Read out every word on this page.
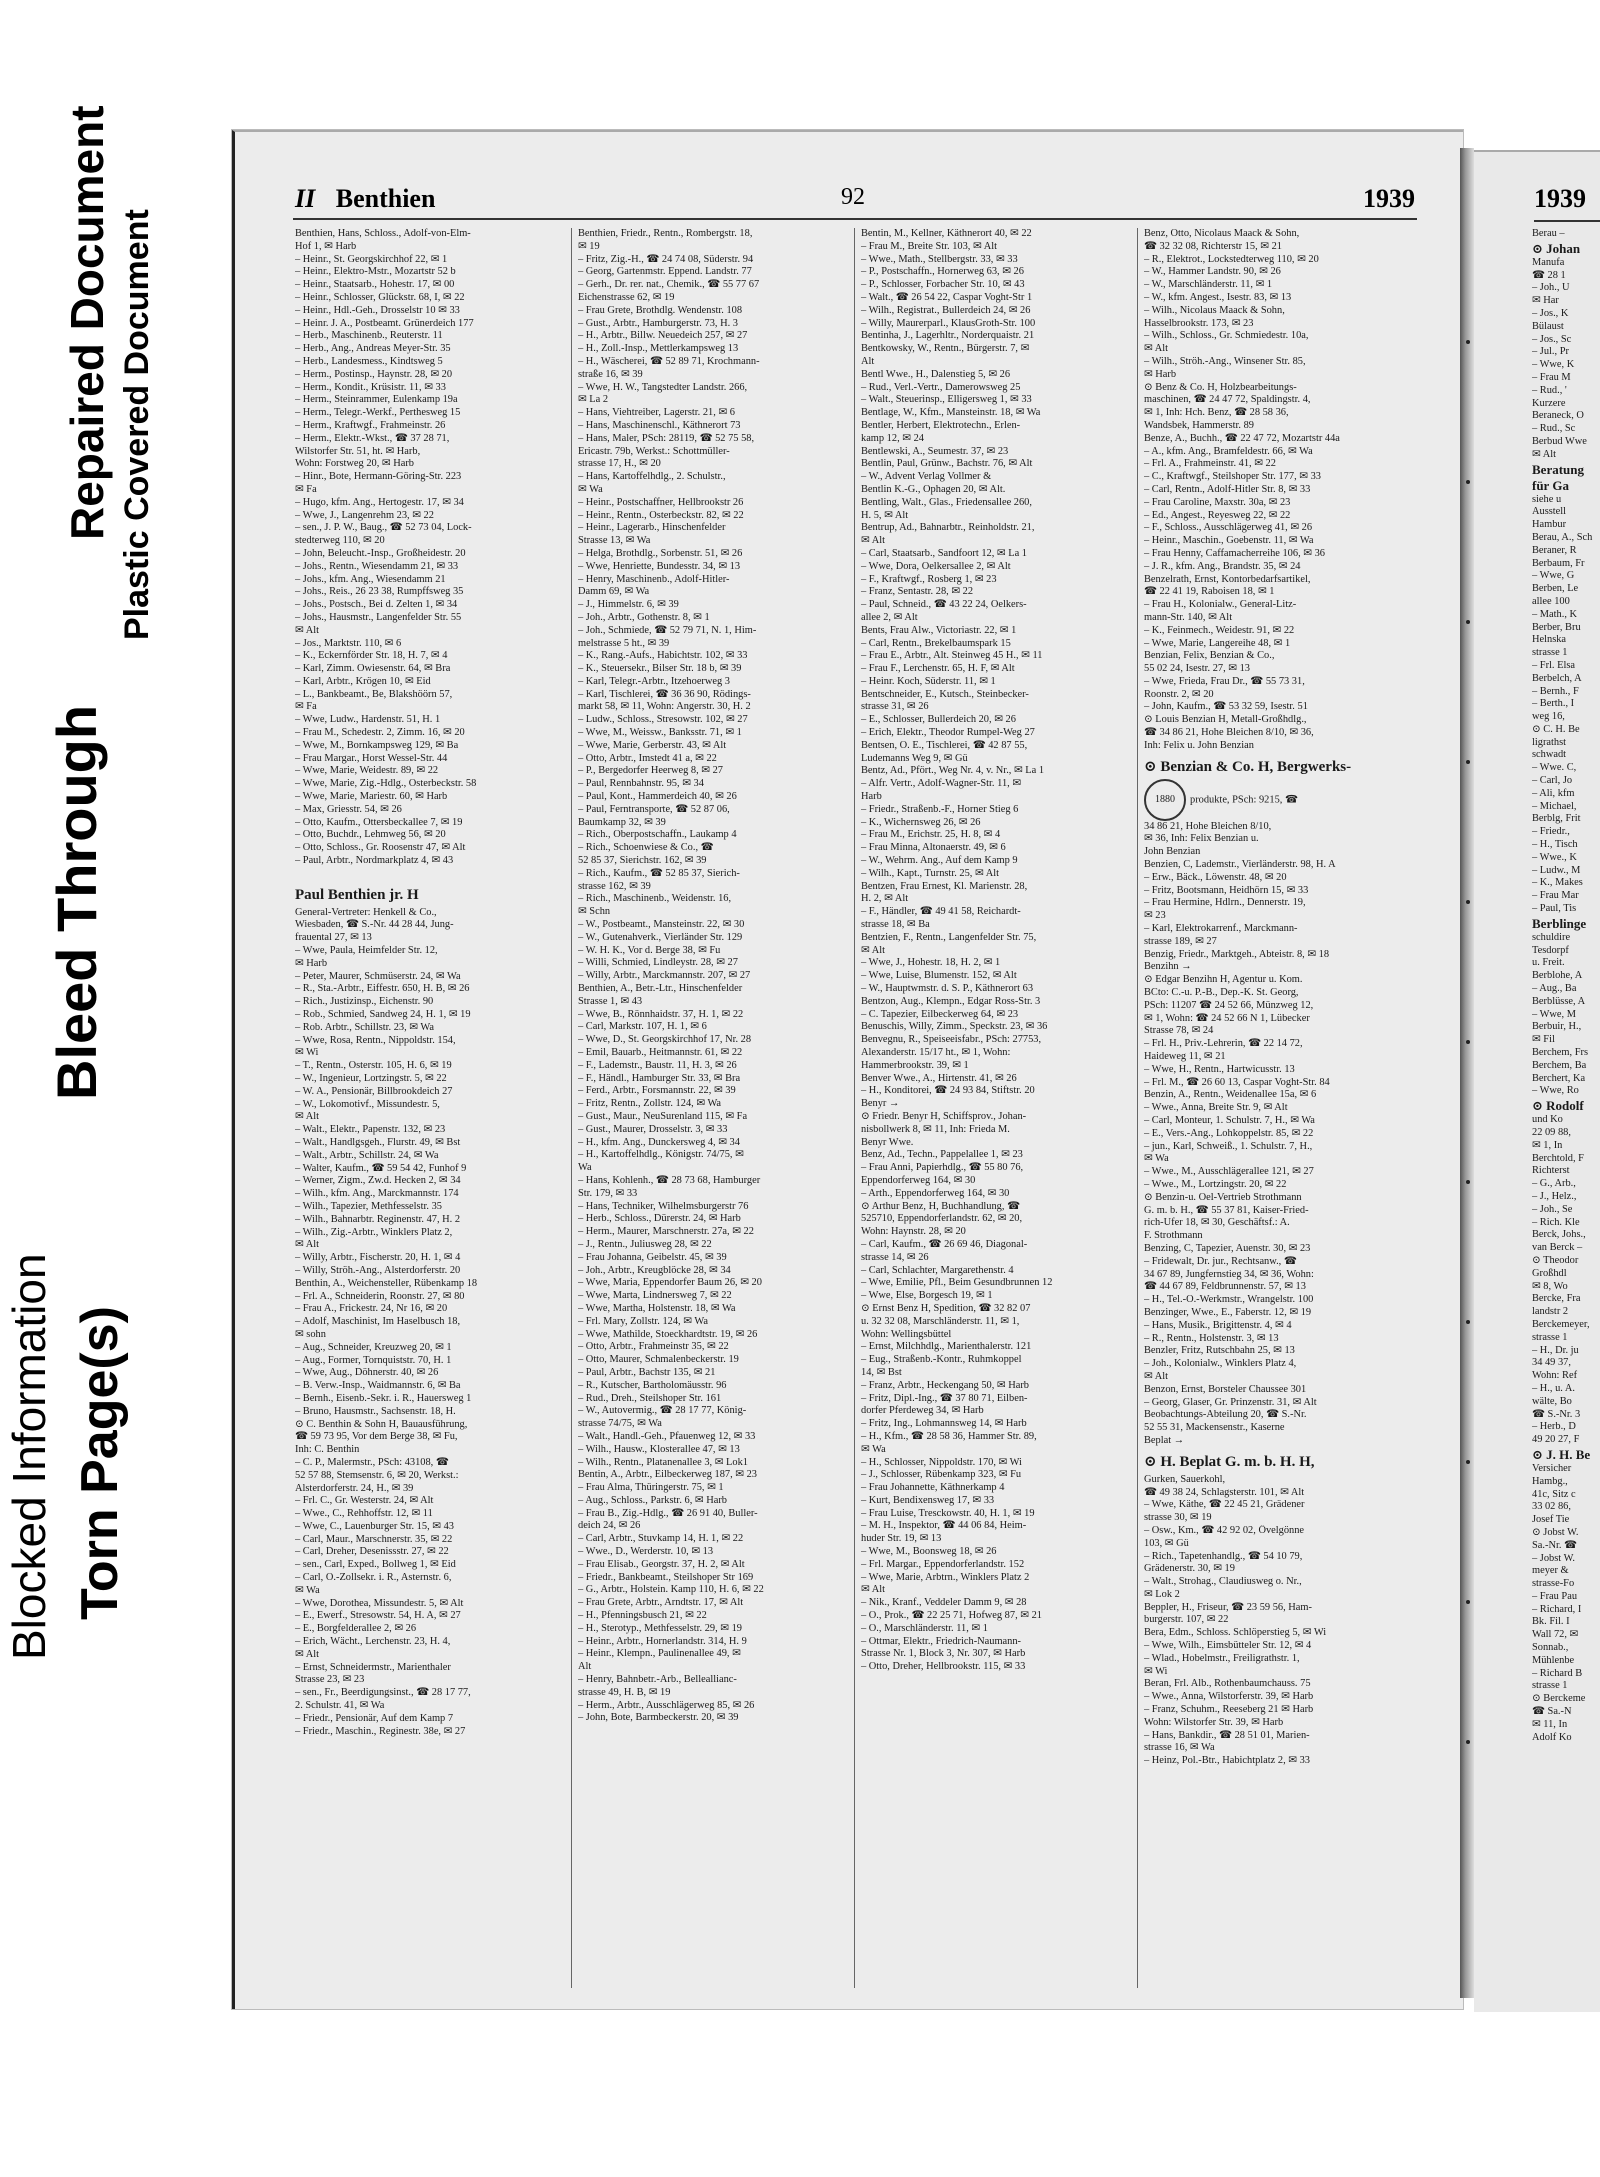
Blocked Information Torn Page(s)
Bleed Through
Repaired Document Plastic Covered Document
II Benthien	92	1939
Benthien, Hans, Schloss., Adolf-von-Elm-
Hof 1, ✉ Harb
– Heinr., St. Georgskirchhof 22, ✉ 1
– Heinr., Elektro-Mstr., Mozartstr 52 b
– Heinr., Staatsarb., Hohestr. 17, ✉ 00
– Heinr., Schlosser, Glückstr. 68, I, ✉ 22
– Heinr., Hdl.-Geh., Drosselstr 10 ✉ 33
– Heinr. J. A., Postbeamt. Grünerdeich 177
– Herb., Maschinenb., Reuterstr. 11
– Herb., Ang., Andreas Meyer-Str. 35
– Herb., Landesmess., Kindtsweg 5
– Herm., Postinsp., Haynstr. 28, ✉ 20
– Herm., Kondit., Krüsistr. 11, ✉ 33
– Herm., Steinrammer, Eulenkamp 19a
– Herm., Telegr.-Werkf., Perthesweg 15
– Herm., Kraftwgf., Frahmeinstr. 26
– Herm., Elektr.-Wkst., ☎ 37 28 71,
Wilstorfer Str. 51, ht. ✉ Harb,
Wohn: Forstweg 20, ✉ Harb
– Hinr., Bote, Hermann-Göring-Str. 223
✉ Fa
– Hugo, kfm. Ang., Hertogestr. 17, ✉ 34
– Wwe, J., Langenrehm 23, ✉ 22
– sen., J. P. W., Baug., ☎ 52 73 04, Lock-
stedterweg 110, ✉ 20
– John, Beleucht.-Insp., Großheidestr. 20
– Johs., Rentn., Wiesendamm 21, ✉ 33
– Johs., kfm. Ang., Wiesendamm 21
– Johs., Reis., 26 23 38, Rumpffsweg 35
– Johs., Postsch., Bei d. Zelten 1, ✉ 34
– Johs., Hausmstr., Langenfelder Str. 55
✉ Alt
– Jos., Marktstr. 110, ✉ 6
– K., Eckernförder Str. 18, H. 7, ✉ 4
– Karl, Zimm. Owiesenstr. 64, ✉ Bra
– Karl, Arbtr., Krögen 10, ✉ Eid
– L., Bankbeamt., Be, Blakshöörn 57,
✉ Fa
– Wwe, Ludw., Hardenstr. 51, H. 1
– Frau M., Schedestr. 2, Zimm. 16, ✉ 20
– Wwe, M., Bornkampsweg 129, ✉ Ba
– Frau Margar., Horst Wessel-Str. 44
– Wwe, Marie, Weidestr. 89, ✉ 22
– Wwe, Marie, Zig.-Hdlg., Osterbeckstr. 58
– Wwe, Marie, Mariestr. 60, ✉ Harb
– Max, Griesstr. 54, ✉ 26
– Otto, Kaufm., Ottersbeckallee 7, ✉ 19
– Otto, Buchdr., Lehmweg 56, ✉ 20
– Otto, Schloss., Gr. Roosenstr 47, ✉ Alt
– Paul, Arbtr., Nordmarkplatz 4, ✉ 43

Paul Benthien jr. H
General-Vertreter: Henkell & Co.,
Wiesbaden, ☎ S.-Nr. 44 28 44, Jung-
frauental 27, ✉ 13
– Wwe, Paula, Heimfelder Str. 12,
✉ Harb
– Peter, Maurer, Schmüserstr. 24, ✉ Wa
– R., Sta.-Arbtr., Eiffestr. 650, H. B, ✉ 26
– Rich., Justizinsp., Eichenstr. 90
– Rob., Schmied, Sandweg 24, H. 1, ✉ 19
– Rob. Arbtr., Schillstr. 23, ✉ Wa
– Wwe, Rosa, Rentn., Nippoldstr. 154,
✉ Wi
– T., Rentn., Osterstr. 105, H. 6, ✉ 19
– W., Ingenieur, Lortzingstr. 5, ✉ 22
– W. A., Pensionär, Billbrookdeich 27
– W., Lokomotivf., Missundestr. 5,
✉ Alt
– Walt., Elektr., Papenstr. 132, ✉ 23
– Walt., Handlgsgeh., Flurstr. 49, ✉ Bst
– Walt., Arbtr., Schillstr. 24, ✉ Wa
– Walter, Kaufm., ☎ 59 54 42, Funhof 9
– Werner, Zigm., Zw.d. Hecken 2, ✉ 34
– Wilh., kfm. Ang., Marckmannstr. 174
– Wilh., Tapezier, Methfesselstr. 35
– Wilh., Bahnarbtr. Reginenstr. 47, H. 2
– Wilh., Zig.-Arbtr., Winklers Platz 2,
✉ Alt
– Willy, Arbtr., Fischerstr. 20, H. 1, ✉ 4
– Willy, Ströh.-Ang., Alsterdorferstr. 20
Benthin, A., Weichensteller, Rübenkamp 18
– Frl. A., Schneiderin, Roonstr. 27, ✉ 80
– Frau A., Frickestr. 24, Nr 16, ✉ 20
– Adolf, Maschinist, Im Haselbusch 18,
✉ sohn
– Aug., Schneider, Kreuzweg 20, ✉ 1
– Aug., Former, Tornquiststr. 70, H. 1
– Wwe, Aug., Döhnerstr. 40, ✉ 26
– B. Verw.-Insp., Waidmannstr. 6, ✉ Ba
– Bernh., Eisenb.-Sekr. i. R., Hauersweg 1
– Bruno, Hausmstr., Sachsenstr. 18, H.
⊙ C. Benthin & Sohn H, Bauausführung,
☎ 59 73 95, Vor dem Berge 38, ✉ Fu,
Inh: C. Benthin
– C. P., Malermstr., PSch: 43108, ☎
52 57 88, Stemsenstr. 6, ✉ 20, Werkst.:
Alsterdorferstr. 24, H., ✉ 39
– Frl. C., Gr. Westerstr. 24, ✉ Alt
– Wwe., C., Rehhoffstr. 12, ✉ 11
– Wwe, C., Lauenburger Str. 15, ✉ 43
– Carl, Maur., Marschnerstr. 35, ✉ 22
– Carl, Dreher, Desenissstr. 27, ✉ 22
– sen., Carl, Exped., Bollweg 1, ✉ Eid
– Carl, O.-Zollsekr. i. R., Asternstr. 6,
✉ Wa
– Wwe, Dorothea, Missundestr. 5, ✉ Alt
– E., Ewerf., Stresowstr. 54, H. A, ✉ 27
– E., Borgfelderallee 2, ✉ 26
– Erich, Wächt., Lerchenstr. 23, H. 4,
✉ Alt
– Ernst, Schneidermstr., Marienthaler
Strasse 23, ✉ 23
– sen., Fr., Beerdigungsinst., ☎ 28 17 77,
2. Schulstr. 41, ✉ Wa
– Friedr., Pensionär, Auf dem Kamp 7
– Friedr., Maschin., Reginestr. 38e, ✉ 27
Benthien, Friedr., Rentn., Rombergstr. 18,
✉ 19
– Fritz, Zig.-H., ☎ 24 74 08, Süderstr. 94
– Georg, Gartenmstr. Eppend. Landstr. 77
– Gerh., Dr. rer. nat., Chemik., ☎ 55 77 67
Eichenstrasse 62, ✉ 19
– Frau Grete, Brothdlg. Wendenstr. 108
– Gust., Arbtr., Hamburgerstr. 73, H. 3
– H., Arbtr., Billw. Neuedeich 257, ✉ 27
– H., Zoll.-Insp., Mettlerkampsweg 13
– H., Wäscherei, ☎ 52 89 71, Krochmann-
straße 16, ✉ 39
– Wwe, H. W., Tangstedter Landstr. 266,
✉ La 2
– Hans, Viehtreiber, Lagerstr. 21, ✉ 6
– Hans, Maschinenschl., Käthnerort 73
– Hans, Maler, PSch: 28119, ☎ 52 75 58,
Ericastr. 79b, Werkst.: Schottmüller-
strasse 17, H., ✉ 20
– Hans, Kartoffelhdlg., 2. Schulstr.,
✉ Wa
– Heinr., Postschaffner, Hellbrookstr 26
– Heinr., Rentn., Osterbeckstr. 82, ✉ 22
– Heinr., Lagerarb., Hinschenfelder
Strasse 13, ✉ Wa
– Helga, Brothdlg., Sorbenstr. 51, ✉ 26
– Wwe, Henriette, Bundesstr. 34, ✉ 13
– Henry, Maschinenb., Adolf-Hitler-
Damm 69, ✉ Wa
– J., Himmelstr. 6, ✉ 39
– Joh., Arbtr., Gothenstr. 8, ✉ 1
– Joh., Schmiede, ☎ 52 79 71, N. 1, Him-
melstrasse 5 ht., ✉ 39
– K., Rang.-Aufs., Habichtstr. 102, ✉ 33
– K., Steuersekr., Bilser Str. 18 b, ✉ 39
– Karl, Telegr.-Arbtr., Itzehoerweg 3
– Karl, Tischlerei, ☎ 36 36 90, Rödings-
markt 58, ✉ 11, Wohn: Angerstr. 30, H. 2
– Ludw., Schloss., Stresowstr. 102, ✉ 27
– Wwe, M., Weissw., Banksstr. 71, ✉ 1
– Wwe, Marie, Gerberstr. 43, ✉ Alt
– Otto, Arbtr., Imstedt 41 a, ✉ 22
– P., Bergedorfer Heerweg 8, ✉ 27
– Paul, Rennbahnstr. 95, ✉ 34
– Paul, Kont., Hammerdeich 40, ✉ 26
– Paul, Ferntransporte, ☎ 52 87 06,
Baumkamp 32, ✉ 39
– Rich., Oberpostschaffn., Laukamp 4
– Rich., Schoenwiese & Co., ☎
52 85 37, Sierichstr. 162, ✉ 39
– Rich., Kaufm., ☎ 52 85 37, Sierich-
strasse 162, ✉ 39
– Rich., Maschinenb., Weidenstr. 16,
✉ Schn
– W., Postbeamt., Mansteinstr. 22, ✉ 30
– W., Gutenahverk., Vierländer Str. 129
– W. H. K., Vor d. Berge 38, ✉ Fu
– Willi, Schmied, Lindleystr. 28, ✉ 27
– Willy, Arbtr., Marckmannstr. 207, ✉ 27
Benthien, A., Betr.-Ltr., Hinschenfelder
Strasse 1, ✉ 43
– Wwe, B., Rönnhaidstr. 37, H. 1, ✉ 22
– Carl, Markstr. 107, H. 1, ✉ 6
– Wwe, D., St. Georgskirchhof 17, Nr. 28
– Emil, Bauarb., Heitmannstr. 61, ✉ 22
– F., Lademstr., Baustr. 11, H. 3, ✉ 26
– F., Händl., Hamburger Str. 33, ✉ Bra
– Ferd., Arbtr., Forsmannstr. 22, ✉ 39
– Fritz, Rentn., Zollstr. 124, ✉ Wa
– Gust., Maur., NeuSurenland 115, ✉ Fa
– Gust., Maurer, Drosselstr. 3, ✉ 33
– H., kfm. Ang., Dunckersweg 4, ✉ 34
– H., Kartoffelhdlg., Königstr. 74/75, ✉
Wa
– Hans, Kohlenh., ☎ 28 73 68, Hamburger
Str. 179, ✉ 33
– Hans, Techniker, Wilhelmsburgerstr 76
– Herb., Schloss., Dürerstr. 24, ✉ Harb
– Herm., Maurer, Marschnerstr. 27a, ✉ 22
– J., Rentn., Juliusweg 28, ✉ 22
– Frau Johanna, Geibelstr. 45, ✉ 39
– Joh., Arbtr., Kreugblöcke 28, ✉ 34
– Wwe, Maria, Eppendorfer Baum 26, ✉ 20
– Wwe, Marta, Lindnersweg 7, ✉ 22
– Wwe, Martha, Holstenstr. 18, ✉ Wa
– Frl. Mary, Zollstr. 124, ✉ Wa
– Wwe, Mathilde, Stoeckhardtstr. 19, ✉ 26
– Otto, Arbtr., Frahmeinstr 35, ✉ 22
– Otto, Maurer, Schmalenbeckerstr. 19
– Paul, Arbtr., Bachstr 135, ✉ 21
– R., Kutscher, Bartholomäusstr. 96
– Rud., Dreh., Steilshoper Str. 161
– W., Autovermig., ☎ 28 17 77, König-
strasse 74/75, ✉ Wa
– Walt., Handl.-Geh., Pfauenweg 12, ✉ 33
– Wilh., Hausw., Klosterallee 47, ✉ 13
– Wilh., Rentn., Platanenallee 3, ✉ Lok1
Bentin, A., Arbtr., Eilbeckerweg 187, ✉ 23
– Frau Alma, Thüringerstr. 75, ✉ 1
– Aug., Schloss., Parkstr. 6, ✉ Harb
– Frau B., Zig.-Hdlg., ☎ 26 91 40, Buller-
deich 24, ✉ 26
– Carl, Arbtr., Stuvkamp 14, H. 1, ✉ 22
– Wwe., D., Werderstr. 10, ✉ 13
– Frau Elisab., Georgstr. 37, H. 2, ✉ Alt
– Friedr., Bankbeamt., Steilshoper Str 169
– G., Arbtr., Holstein. Kamp 110, H. 6, ✉ 22
– Frau Grete, Arbtr., Arndtstr. 17, ✉ Alt
– H., Pfenningsbusch 21, ✉ 22
– H., Sterotyp., Methfesselstr. 29, ✉ 19
– Heinr., Arbtr., Hornerlandstr. 314, H. 9
– Heinr., Klempn., Paulinenallee 49, ✉
Alt
– Henry, Bahnbetr.-Arb., Belleallianc-
strasse 49, H. B, ✉ 19
– Herm., Arbtr., Ausschlägerweg 85, ✉ 26
– John, Bote, Barmbeckerstr. 20, ✉ 39
Bentin, M., Kellner, Käthnerort 40, ✉ 22
– Frau M., Breite Str. 103, ✉ Alt
– Wwe., Math., Stellbergstr. 33, ✉ 33
– P., Postschaffn., Hornerweg 63, ✉ 26
– P., Schlosser, Forbacher Str. 10, ✉ 43
– Walt., ☎ 26 54 22, Caspar Voght-Str 1
– Wilh., Registrat., Bullerdeich 24, ✉ 26
– Willy, Maurerparl., KlausGroth-Str. 100
Bentinha, J., Lagerhltr., Norderquaistr. 21
Bentkowsky, W., Rentn., Bürgerstr. 7, ✉
Alt
Bentl Wwe., H., Dalenstieg 5, ✉ 26
– Rud., Verl.-Vertr., Damerowsweg 25
– Walt., Steuerinsp., Elligersweg 1, ✉ 33
Bentlage, W., Kfm., Mansteinstr. 18, ✉ Wa
Bentler, Herbert, Elektrotechn., Erlen-
kamp 12, ✉ 24
Bentlewski, A., Seumestr. 37, ✉ 23
Bentlin, Paul, Grünw., Bachstr. 76, ✉ Alt
– W., Advent Verlag Vollmer &
Bentlin K.-G., Ophagen 20, ✉ Alt.
Bentling, Walt., Glas., Friedensallee 260,
H. 5, ✉ Alt
Bentrup, Ad., Bahnarbtr., Reinholdstr. 21,
✉ Alt
– Carl, Staatsarb., Sandfoort 12, ✉ La 1
– Wwe, Dora, Oelkersallee 2, ✉ Alt
– F., Kraftwgf., Rosberg 1, ✉ 23
– Franz, Sentastr. 28, ✉ 22
– Paul, Schneid., ☎ 43 22 24, Oelkers-
allee 2, ✉ Alt
Bents, Frau Alw., Victoriastr. 22, ✉ 1
– Carl, Rentn., Brekelbaumspark 15
– Frau E., Arbtr., Alt. Steinweg 45 H., ✉ 11
– Frau F., Lerchenstr. 65, H. F, ✉ Alt
– Heinr. Koch, Süderstr. 11, ✉ 1
Bentschneider, E., Kutsch., Steinbecker-
strasse 31, ✉ 26
– E., Schlosser, Bullerdeich 20, ✉ 26
– Erich, Elektr., Theodor Rumpel-Weg 27
Bentsen, O. E., Tischlerei, ☎ 42 87 55,
Ludemanns Weg 9, ✉ Gü
Bentz, Ad., Pfört., Weg Nr. 4, v. Nr., ✉ La 1
– Alfr. Vertr., Adolf-Wagner-Str. 11, ✉
Harb
– Friedr., Straßenb.-F., Horner Stieg 6
– K., Wichernsweg 26, ✉ 26
– Frau M., Erichstr. 25, H. 8, ✉ 4
– Frau Minna, Altonaerstr. 49, ✉ 6
– W., Wehrm. Ang., Auf dem Kamp 9
– Wilh., Kapt., Turnstr. 25, ✉ Alt
Bentzen, Frau Ernest, Kl. Marienstr. 28,
H. 2, ✉ Alt
– F., Händler, ☎ 49 41 58, Reichardt-
strasse 18, ✉ Ba
Bentzien, F., Rentn., Langenfelder Str. 75,
✉ Alt
– Wwe, J., Hohestr. 18, H. 2, ✉ 1
– Wwe, Luise, Blumenstr. 152, ✉ Alt
– W., Hauptwmstr. d. S. P., Käthnerort 63
Bentzon, Aug., Klempn., Edgar Ross-Str. 3
– C. Tapezier, Eilbeckerweg 64, ✉ 23
Benuschis, Willy, Zimm., Speckstr. 23, ✉ 36
Benvegnu, R., Speiseeisfabr., PSch: 27753,
Alexanderstr. 15/17 ht., ✉ 1, Wohn:
Hammerbrookstr. 39, ✉ 1
Benver Wwe., A., Hirtenstr. 41, ✉ 26
– H., Konditorei, ☎ 24 93 84, Stiftstr. 20
Benyr →
⊙ Friedr. Benyr H, Schiffsprov., Johan-
nisbollwerk 8, ✉ 11, Inh: Frieda M.
Benyr Wwe.
Benz, Ad., Techn., Pappelallee 1, ✉ 23
– Frau Anni, Papierhdlg., ☎ 55 80 76,
Eppendorferweg 164, ✉ 30
– Arth., Eppendorferweg 164, ✉ 30
⊙ Arthur Benz, H, Buchhandlung, ☎
525710, Eppendorferlandstr. 62, ✉ 20,
Wohn: Haynstr. 28, ✉ 20
– Carl, Kaufm., ☎ 26 69 46, Diagonal-
strasse 14, ✉ 26
– Carl, Schlachter, Margarethenstr. 4
– Wwe, Emilie, Pfl., Beim Gesundbrunnen 12
– Wwe, Else, Borgesch 19, ✉ 1
⊙ Ernst Benz H, Spedition, ☎ 32 82 07
u. 32 32 08, Marschländerstr. 11, ✉ 1,
Wohn: Wellingsbüttel
– Ernst, Milchhdlg., Marienthalerstr. 121
– Eug., Straßenb.-Kontr., Ruhmkoppel
14, ✉ Bst
– Franz, Arbtr., Heckengang 50, ✉ Harb
– Fritz, Dipl.-Ing., ☎ 37 80 71, Eilben-
dorfer Pferdeweg 34, ✉ Harb
– Fritz, Ing., Lohmannsweg 14, ✉ Harb
– H., Kfm., ☎ 28 58 36, Hammer Str. 89,
✉ Wa
– H., Schlosser, Nippoldstr. 170, ✉ Wi
– J., Schlosser, Rübenkamp 323, ✉ Fu
– Frau Johannette, Käthnerkamp 4
– Kurt, Bendixensweg 17, ✉ 33
– Frau Luise, Tresckowstr. 40, H. 1, ✉ 19
– M. H., Inspektor, ☎ 44 06 84, Heim-
huder Str. 19, ✉ 13
– Wwe, M., Boonsweg 18, ✉ 26
– Frl. Margar., Eppendorferlandstr. 152
– Wwe, Marie, Arbtrn., Winklers Platz 2
✉ Alt
– Nik., Kranf., Veddeler Damm 9, ✉ 28
– O., Prok., ☎ 22 25 71, Hofweg 87, ✉ 21
– O., Marschländerstr. 11, ✉ 1
– Ottmar, Elektr., Friedrich-Naumann-
Strasse Nr. 1, Block 3, Nr. 307, ✉ Harb
– Otto, Dreher, Hellbrookstr. 115, ✉ 33
Benz, Otto, Nicolaus Maack & Sohn,
☎ 32 32 08, Richterstr 15, ✉ 21
– R., Elektrot., Lockstedterweg 110, ✉ 20
– W., Hammer Landstr. 90, ✉ 26
– W., Marschländerstr. 11, ✉ 1
– W., kfm. Angest., Isestr. 83, ✉ 13
– Wilh., Nicolaus Maack & Sohn,
Hasselbrookstr. 173, ✉ 23
– Wilh., Schloss., Gr. Schmiedestr. 10a,
✉ Alt
– Wilh., Ströh.-Ang., Winsener Str. 85,
✉ Harb
⊙ Benz & Co. H, Holzbearbeitungs-
maschinen, ☎ 24 47 72, Spaldingstr. 4,
✉ 1, Inh: Hch. Benz, ☎ 28 58 36,
Wandsbek, Hammerstr. 89
Benze, A., Buchh., ☎ 22 47 72, Mozartstr 44a
– A., kfm. Ang., Bramfeldestr. 66, ✉ Wa
– Frl. A., Frahmeinstr. 41, ✉ 22
– C., Kraftwgf., Steilshoper Str. 177, ✉ 33
– Carl, Rentn., Adolf-Hitler Str. 8, ✉ 33
– Frau Caroline, Maxstr. 30a, ✉ 23
– Ed., Angest., Reyesweg 22, ✉ 22
– F., Schloss., Ausschlägerweg 41, ✉ 26
– Heinr., Maschin., Goebenstr. 11, ✉ Wa
– Frau Henny, Caffamacherreihe 106, ✉ 36
– J. R., kfm. Ang., Brandstr. 35, ✉ 24
Benzelrath, Ernst, Kontorbedarfsartikel,
☎ 22 41 19, Raboisen 18, ✉ 1
– Frau H., Kolonialw., General-Litz-
mann-Str. 140, ✉ Alt
– K., Feinmech., Weidestr. 91, ✉ 22
– Wwe, Marie, Langereihe 48, ✉ 1
Benzian, Felix, Benzian & Co.,
55 02 24, Isestr. 27, ✉ 13
– Wwe, Frieda, Frau Dr., ☎ 55 73 31,
Roonstr. 2, ✉ 20
– John, Kaufm., ☎ 53 32 59, Isestr. 51
⊙ Louis Benzian H, Metall-Großhdlg.,
☎ 34 86 21, Hohe Bleichen 8/10, ✉ 36,
Inh: Felix u. John Benzian
⊙ Benzian & Co. H, Bergwerks-
1880 produkte, PSch: 9215, ☎
34 86 21, Hohe Bleichen 8/10,
✉ 36, Inh: Felix Benzian u.
John Benzian
Benzien, C, Lademstr., Vierländerstr. 98, H. A
– Erw., Bäck., Löwenstr. 48, ✉ 20
– Fritz, Bootsmann, Heidhörn 15, ✉ 33
– Frau Hermine, Hdlrn., Dennerstr. 19,
✉ 23
– Karl, Elektrokarrenf., Marckmann-
strasse 189, ✉ 27
Benzig, Friedr., Marktgeh., Abteistr. 8, ✉ 18
Benzihn →
⊙ Edgar Benzihn H, Agentur u. Kom.
BCto: C.-u. P.-B., Dep.-K. St. Georg,
PSch: 11207 ☎ 24 52 66, Münzweg 12,
✉ 1, Wohn: ☎ 24 52 66 N 1, Lübecker
Strasse 78, ✉ 24
– Frl. H., Priv.-Lehrerin, ☎ 22 14 72,
Haideweg 11, ✉ 21
– Wwe, H., Rentn., Hartwicusstr. 13
– Frl. M., ☎ 26 60 13, Caspar Voght-Str. 84
Benzin, A., Rentn., Weidenallee 15a, ✉ 6
– Wwe., Anna, Breite Str. 9, ✉ Alt
– Carl, Monteur, 1. Schulstr. 7, H., ✉ Wa
– E., Vers.-Ang., Lohkoppelstr. 85, ✉ 22
– jun., Karl, Schweiß., 1. Schulstr. 7, H.,
✉ Wa
– Wwe., M., Ausschlägerallee 121, ✉ 27
– Wwe., M., Lortzingstr. 20, ✉ 22
⊙ Benzin-u. Oel-Vertrieb Strothmann
G. m. b. H., ☎ 55 37 81, Kaiser-Fried-
rich-Ufer 18, ✉ 30, Geschäftsf.: A.
F. Strothmann
Benzing, C, Tapezier, Auenstr. 30, ✉ 23
– Fridewalt, Dr. jur., Rechtsanw., ☎
34 67 89, Jungfernstieg 34, ✉ 36, Wohn:
☎ 44 67 89, Feldbrunnenstr. 57, ✉ 13
– H., Tel.-O.-Werkmstr., Wrangelstr. 100
Benzinger, Wwe., E., Faberstr. 12, ✉ 19
– Hans, Musik., Brigittenstr. 4, ✉ 4
– R., Rentn., Holstenstr. 3, ✉ 13
Benzler, Fritz, Rutschbahn 25, ✉ 13
– Joh., Kolonialw., Winklers Platz 4,
✉ Alt
Benzon, Ernst, Borsteler Chaussee 301
– Georg, Glaser, Gr. Prinzenstr. 31, ✉ Alt
Beobachtungs-Abteilung 20, ☎ S.-Nr.
52 55 31, Mackensenstr., Kaserne
Beplat →
⊙ H. Beplat G. m. b. H. H,
Gurken, Sauerkohl,
☎ 49 38 24, Schlagsterstr. 101, ✉ Alt
– Wwe, Käthe, ☎ 22 45 21, Grädener
strasse 30, ✉ 19
– Osw., Km., ☎ 42 92 02, Övelgönne
103, ✉ Gü
– Rich., Tapetenhandlg., ☎ 54 10 79,
Grädenerstr. 30, ✉ 19
– Walt., Strohag., Claudiusweg o. Nr.,
✉ Lok 2
Beppler, H., Friseur, ☎ 23 59 56, Ham-
burgerstr. 107, ✉ 22
Bera, Edm., Schloss. Schlöperstieg 5, ✉ Wi
– Wwe, Wilh., Eimsbütteler Str. 12, ✉ 4
– Wlad., Hobelmstr., Freiligrathstr. 1,
✉ Wi
Beran, Frl. Alb., Rothenbaumchauss. 75
– Wwe., Anna, Wilstorferstr. 39, ✉ Harb
– Franz, Schuhm., Reeseberg 21 ✉ Harb
Wohn: Wilstorfer Str. 39, ✉ Harb
– Hans, Bankdir., ☎ 28 51 01, Marien-
strasse 16, ✉ Wa
– Heinz, Pol.-Btr., Habichtplatz 2, ✉ 33
1939
Berau –
⊙ Johan
Manufa
☎ 28 1
– Joh., U
✉ Har
– Jos., K
Bülaust
– Jos., Sc
– Jul., Pr
– Wwe, K
– Frau M
– Rud., '
Kurzere
Beraneck, O
– Rud., Sc
Berbud Wwe
✉ Alt
Beratung
für Ga
siehe u
Ausstell
Hambur
Berau, A., Sch
Beraner, R
Berbaum, Fr
– Wwe, G
Berben, Le
allee 100
– Math., K
Berber, Bru
Helnska
strasse 1
– Frl. Elsa
Berbelch, A
– Bernh., F
– Berth., I
weg 16,
⊙ C. H. Be
ligrathst
schwadt
– Wwe. C,
– Carl, Jo
– Ali, kfm
– Michael,
Berblg, Frit
– Friedr.,
– H., Tisch
– Wwe., K
– Ludw., M
– K., Makes
– Frau Mar
– Paul, Tis
Berblinge
schuldire
Tesdorpf
u. Freit.
Berblohe, A
– Aug., Ba
Berblüsse, A
– Wwe, M
Berbuir, H.,
✉ Fil
Berchem, Frs
Berchem, Ba
Berchert, Ka
– Wwe, Ro
⊙ Rodolf
und Ko
22 09 88,
✉ 1, In
Berchtold, F
Richterst
– G., Arb.,
– J., Helz.,
– Joh., Se
– Rich. Kle
Berck, Johs.,
van Berck –
⊙ Theodor
Großhdl
✉ 8, Wo
Bercke, Fra
landstr 2
Berckemeyer,
strasse 1
– H., Dr. ju
34 49 37,
Wohn: Ref
– H., u. A.
wälte, Bo
☎ S.-Nr. 3
– Herb., D
49 20 27, F
⊙ J. H. Be
Versicher
Hambg.,
41c, Sitz c
33 02 86,
Josef Tie
⊙ Jobst W.
Sa.-Nr. ☎
– Jobst W.
meyer &
strasse-Fo
– Frau Pau
– Richard, I
Bk. Fil. I
Wall 72, ✉
Sonnab.,
Mühlenbe
– Richard B
strasse 1
⊙ Berckeme
☎ Sa.-N
✉ 11, In
Adolf Ko
